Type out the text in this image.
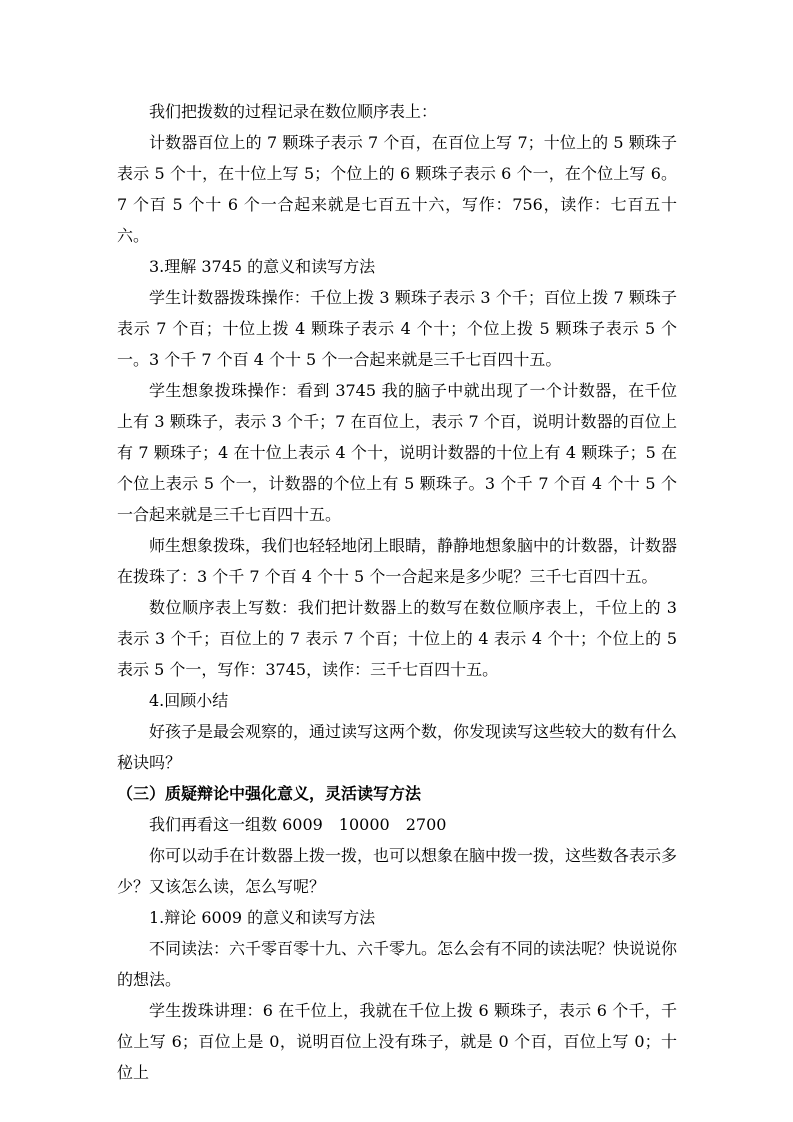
我们把拨数的过程记录在数位顺序表上：

计数器百位上的 7 颗珠子表示 7 个百，在百位上写 7；十位上的 5 颗珠子表示 5 个十，在十位上写 5；个位上的 6 颗珠子表示 6 个一，在个位上写 6。7 个百 5 个十 6 个一合起来就是七百五十六，写作：756，读作：七百五十六。

3.理解 3745 的意义和读写方法

学生计数器拨珠操作：千位上拨 3 颗珠子表示 3 个千；百位上拨 7 颗珠子表示 7 个百；十位上拨 4 颗珠子表示 4 个十；个位上拨 5 颗珠子表示 5 个一。3 个千 7 个百 4 个十 5 个一合起来就是三千七百四十五。

学生想象拨珠操作：看到 3745 我的脑子中就出现了一个计数器，在千位上有 3 颗珠子，表示 3 个千；7 在百位上，表示 7 个百，说明计数器的百位上有 7 颗珠子；4 在十位上表示 4 个十，说明计数器的十位上有 4 颗珠子；5 在个位上表示 5 个一，计数器的个位上有 5 颗珠子。3 个千 7 个百 4 个十 5 个一合起来就是三千七百四十五。

师生想象拨珠，我们也轻轻地闭上眼睛，静静地想象脑中的计数器，计数器在拨珠了：3 个千 7 个百 4 个十 5 个一合起来是多少呢？三千七百四十五。

数位顺序表上写数：我们把计数器上的数写在数位顺序表上，千位上的 3 表示 3 个千；百位上的 7 表示 7 个百；十位上的 4 表示 4 个十；个位上的 5 表示 5 个一，写作：3745，读作：三千七百四十五。

4.回顾小结

好孩子是最会观察的，通过读写这两个数，你发现读写这些较大的数有什么秘诀吗？

（三）质疑辩论中强化意义，灵活读写方法

我们再看这一组数 6009　10000　2700

你可以动手在计数器上拨一拨，也可以想象在脑中拨一拨，这些数各表示多少？又该怎么读，怎么写呢？

1.辩论 6009 的意义和读写方法

不同读法：六千零百零十九、六千零九。怎么会有不同的读法呢？快说说你的想法。

学生拨珠讲理：6 在千位上，我就在千位上拨 6 颗珠子，表示 6 个千，千位上写 6；百位上是 0，说明百位上没有珠子，就是 0 个百，百位上写 0；十位上
